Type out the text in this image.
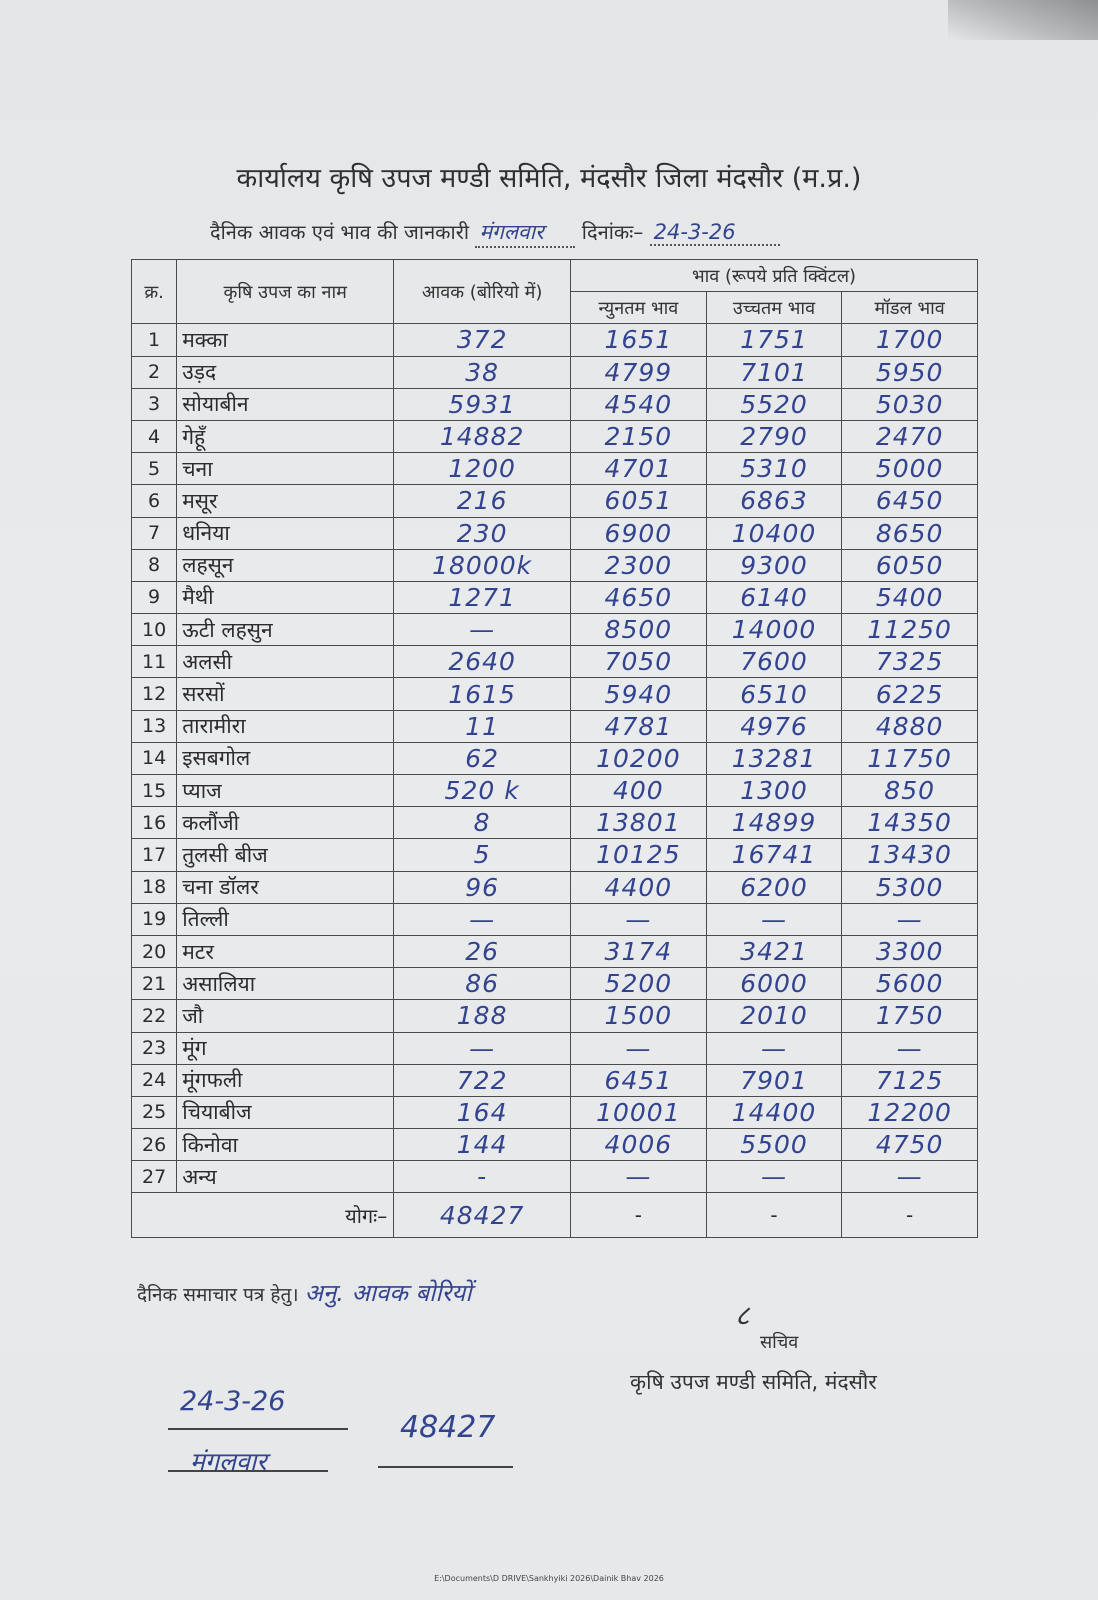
कार्यालय कृषि उपज मण्डी समिति, मंदसौर जिला मंदसौर (म.प्र.)
दैनिक आवक एवं भाव की जानकारी मंगलवार दिनांकः– 24-3-26
क्र.	कृषि उपज का नाम	आवक (बोरियो में)	भाव (रूपये प्रति क्विंटल)		
			न्युनतम भाव	उच्चतम भाव	मॉडल भाव
1	मक्का	372	1651	1751	1700
2	उड़द	38	4799	7101	5950
3	सोयाबीन	5931	4540	5520	5030
4	गेहूँ	14882	2150	2790	2470
5	चना	1200	4701	5310	5000
6	मसूर	216	6051	6863	6450
7	धनिया	230	6900	10400	8650
8	लहसून	18000k	2300	9300	6050
9	मैथी	1271	4650	6140	5400
10	ऊटी लहसुन	—	8500	14000	11250
11	अलसी	2640	7050	7600	7325
12	सरसों	1615	5940	6510	6225
13	तारामीरा	11	4781	4976	4880
14	इसबगोल	62	10200	13281	11750
15	प्याज	520 k	400	1300	850
16	कलौंजी	8	13801	14899	14350
17	तुलसी बीज	5	10125	16741	13430
18	चना डॉलर	96	4400	6200	5300
19	तिल्ली	—	—	—	—
20	मटर	26	3174	3421	3300
21	असालिया	86	5200	6000	5600
22	जौ	188	1500	2010	1750
23	मूंग	—	—	—	—
24	मूंगफली	722	6451	7901	7125
25	चियाबीज	164	10001	14400	12200
26	किनोवा	144	4006	5500	4750
27	अन्य	-	—	—	—
योगः–		48427	-	-	-
दैनिक समाचार पत्र हेतु। अनु. आवक बोरियों
८
सचिव
कृषि उपज मण्डी समिति, मंदसौर
24-3-26
मंगलवार
48427
E:\Documents\D DRIVE\Sankhyiki 2026\Dainik Bhav 2026
